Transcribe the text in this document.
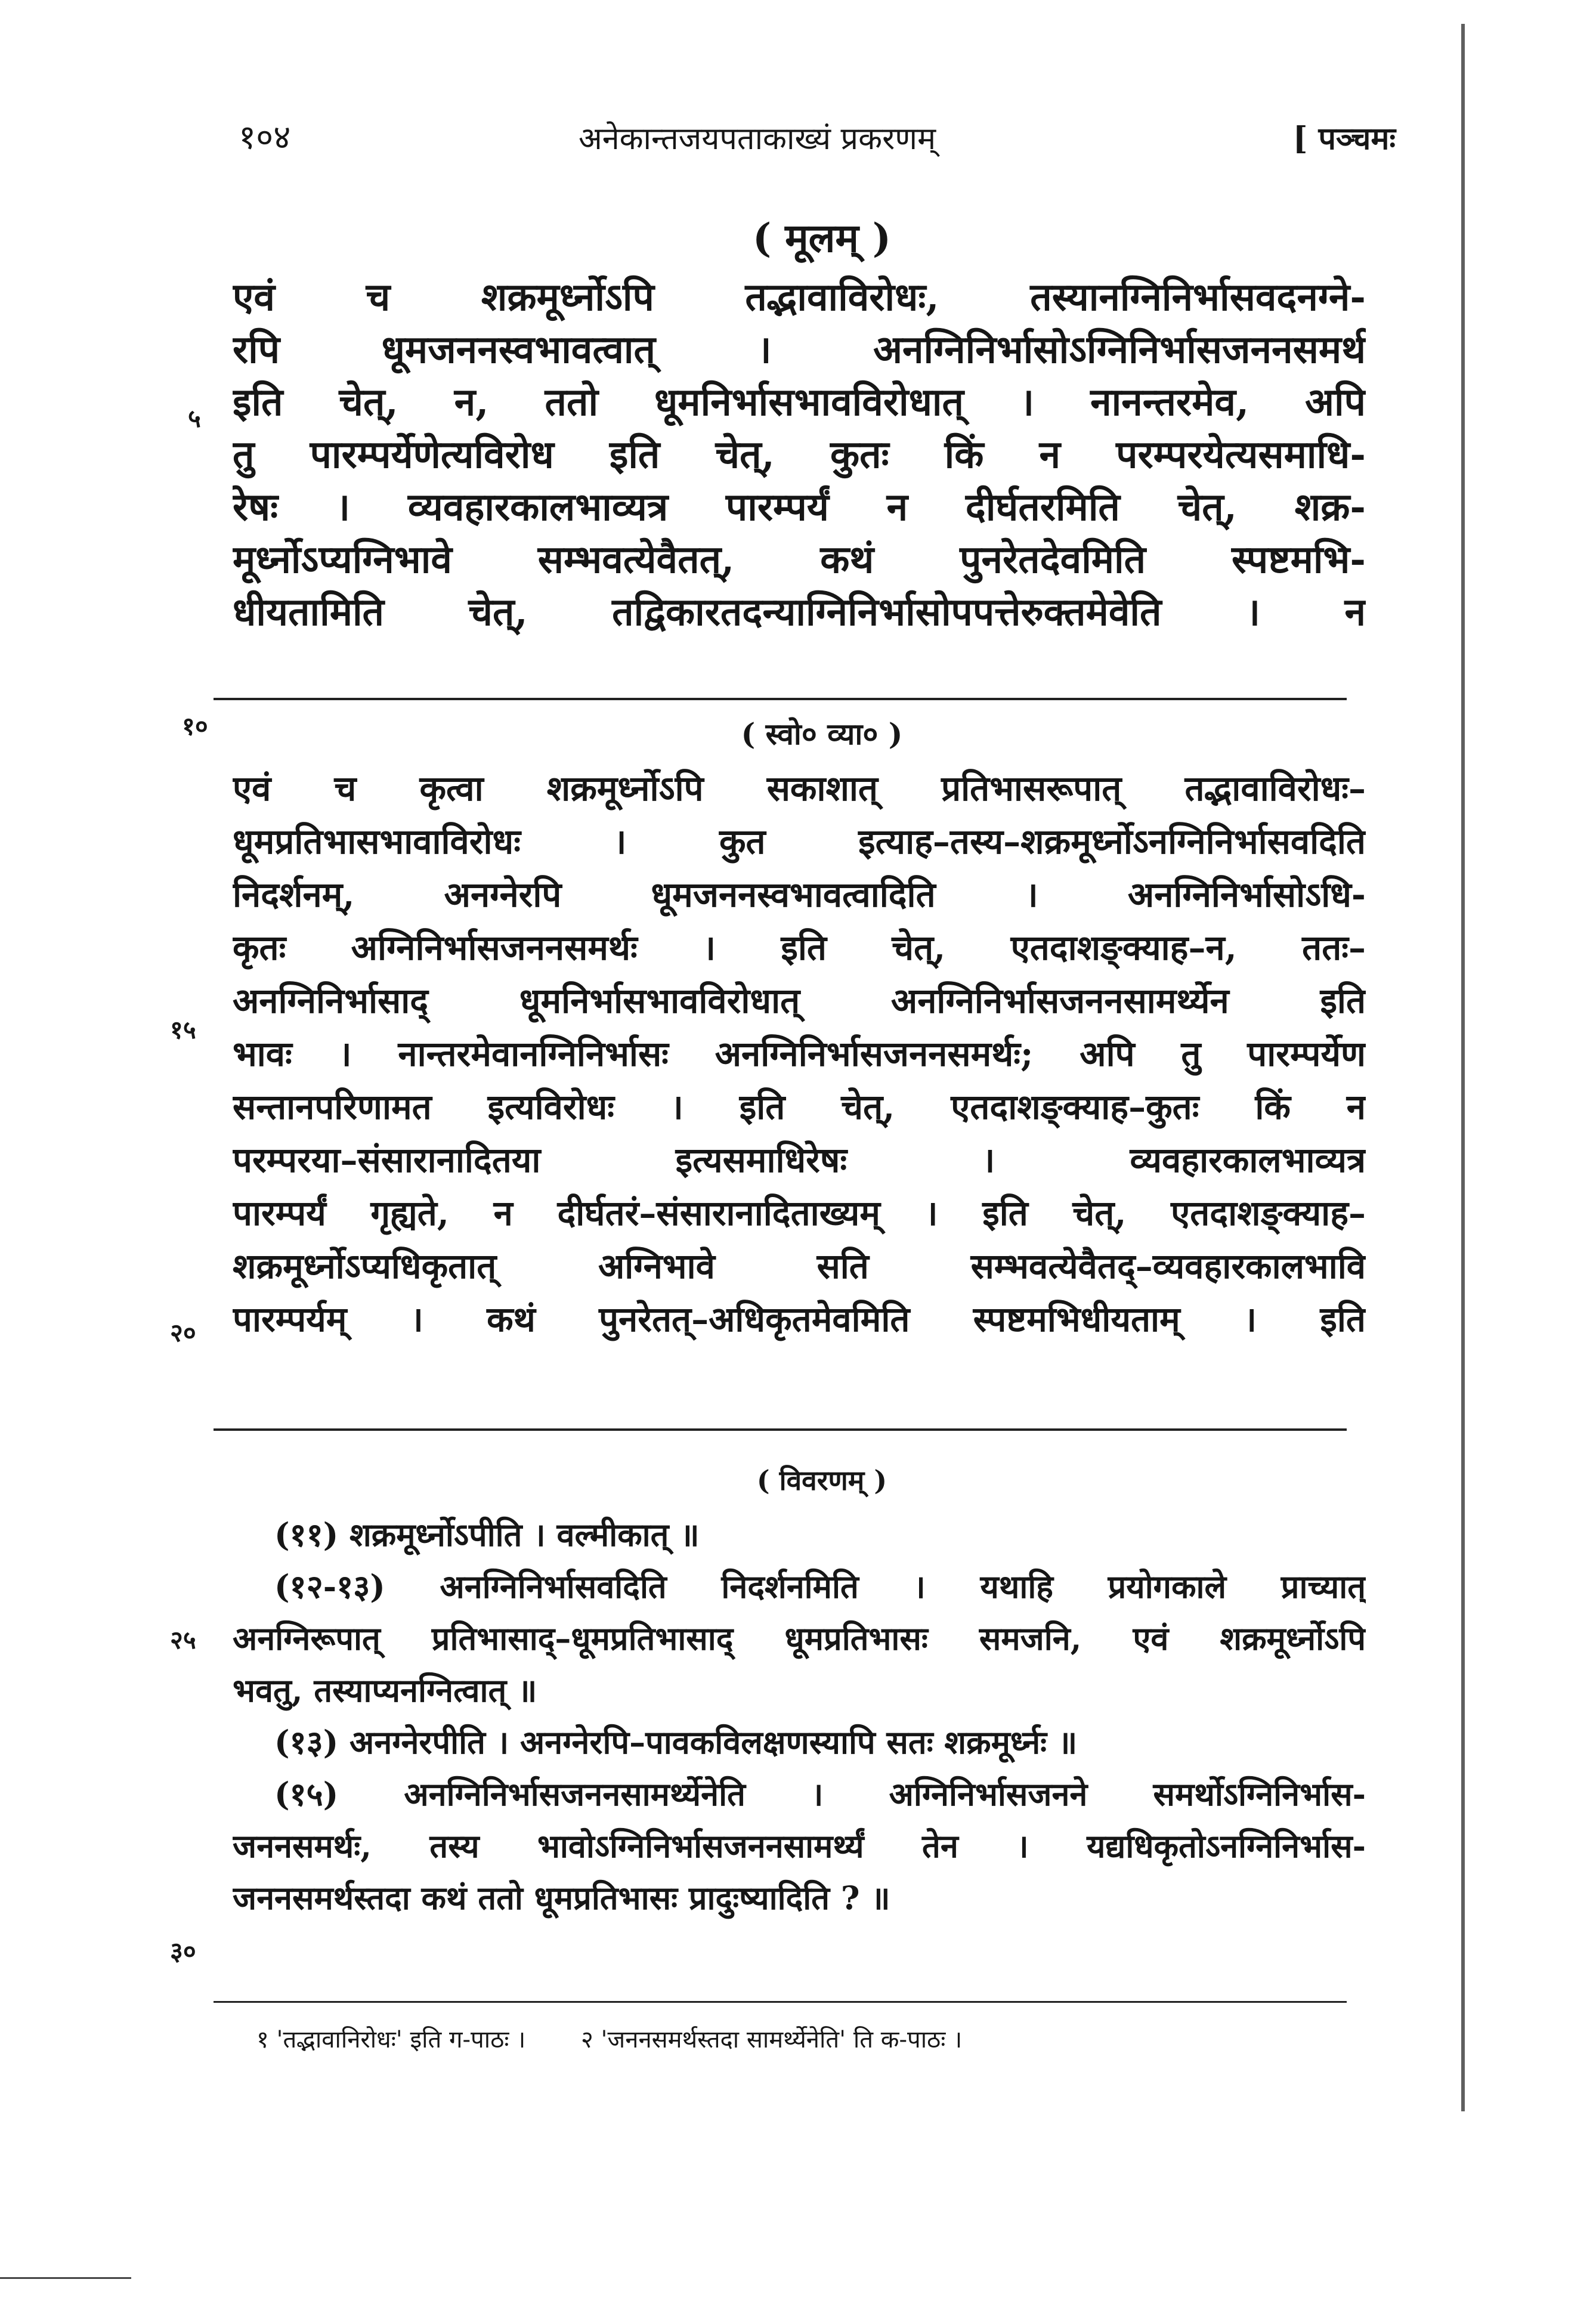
१०४	अनेकान्तजयपताकाख्यं प्रकरणम्	[ पञ्चमः
( मूलम् )
एवं च शक्रमूर्ध्नोऽपि तद्भावाविरोधः, तस्यानग्निनिर्भासवदनग्ने-
रपि धूमजननस्वभावत्वात् । अनग्निनिर्भासोऽग्निनिर्भासजननसमर्थ
इति चेत्, न, ततो धूमनिर्भासभावविरोधात् । नानन्तरमेव, अपि
तु पारम्पर्येणेत्यविरोध इति चेत्, कुतः किं न परम्परयेत्यसमाधि-
रेषः । व्यवहारकालभाव्यत्र पारम्पर्यं न दीर्घतरमिति चेत्, शक्र-
मूर्ध्नोऽप्यग्निभावे सम्भवत्येवैतत्, कथं पुनरेतदेवमिति स्पष्टमभि-
धीयतामिति चेत्, तद्विकारतदन्याग्निनिर्भासोपपत्तेरुक्तमेवेति । न
५
१०	( स्वो० व्या० )
एवं च कृत्वा शक्रमूर्ध्नोऽपि सकाशात् प्रतिभासरूपात् तद्भावाविरोधः–
धूमप्रतिभासभावाविरोधः । कुत इत्याह–तस्य–शक्रमूर्ध्नोऽनग्निनिर्भासवदिति
निदर्शनम्, अनग्नेरपि धूमजननस्वभावत्वादिति । अनग्निनिर्भासोऽधि-
कृतः अग्निनिर्भासजननसमर्थः । इति चेत्, एतदाशङ्क्याह–न, ततः–
अनग्निनिर्भासाद् धूमनिर्भासभावविरोधात् अनग्निनिर्भासजननसामर्थ्येन इति
भावः । नान्तरमेवानग्निनिर्भासः अनग्निनिर्भासजननसमर्थः; अपि तु पारम्पर्येण
सन्तानपरिणामत इत्यविरोधः । इति चेत्, एतदाशङ्क्याह–कुतः किं न
परम्परया–संसारानादितया इत्यसमाधिरेषः । व्यवहारकालभाव्यत्र
पारम्पर्यं गृह्यते, न दीर्घतरं–संसारानादिताख्यम् । इति चेत्, एतदाशङ्क्याह–
शक्रमूर्ध्नोऽप्यधिकृतात् अग्निभावे सति सम्भवत्येवैतद्–व्यवहारकालभावि
पारम्पर्यम् । कथं पुनरेतत्–अधिकृतमेवमिति स्पष्टमभिधीयताम् । इति
१५
२०
( विवरणम् )
(११) शक्रमूर्ध्नोऽपीति । वल्मीकात् ॥
(१२-१३) अनग्निनिर्भासवदिति निदर्शनमिति । यथाहि प्रयोगकाले प्राच्यात्
अनग्निरूपात् प्रतिभासाद्–धूमप्रतिभासाद् धूमप्रतिभासः समजनि, एवं शक्रमूर्ध्नोऽपि
भवतु, तस्याप्यनग्नित्वात् ॥
(१३) अनग्नेरपीति । अनग्नेरपि–पावकविलक्षणस्यापि सतः शक्रमूर्ध्नः ॥
(१५) अनग्निनिर्भासजननसामर्थ्येनेति । अग्निनिर्भासजनने समर्थोऽग्निनिर्भास-
जननसमर्थः, तस्य भावोऽग्निनिर्भासजननसामर्थ्यं तेन । यद्यधिकृतोऽनग्निनिर्भास-
जननसमर्थस्तदा कथं ततो धूमप्रतिभासः प्रादुःष्यादिति ? ॥
२५
३०
१ 'तद्भावानिरोधः' इति ग-पाठः । २ 'जननसमर्थस्तदा सामर्थ्येनेति' ति क-पाठः ।
